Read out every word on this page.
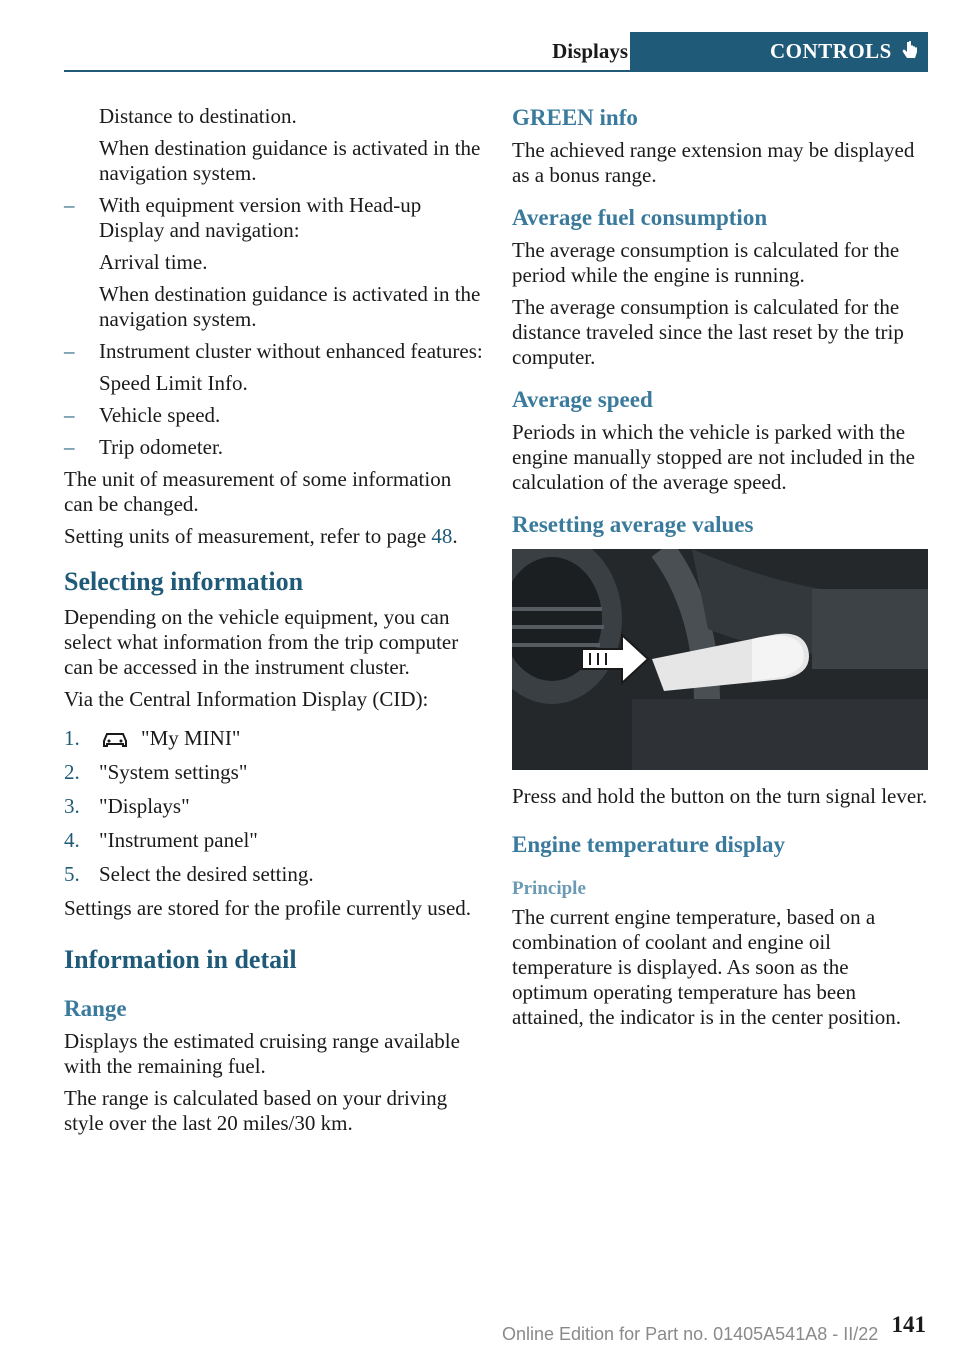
Displays	CONTROLS

Distance to destination.

When destination guidance is activated in the navigation system.

– With equipment version with Head-up Display and navigation:

Arrival time.

When destination guidance is activated in the navigation system.

– Instrument cluster without enhanced features:

Speed Limit Info.

– Vehicle speed.
– Trip odometer.

The unit of measurement of some information can be changed.

Setting units of measurement, refer to page 48.

Selecting information

Depending on the vehicle equipment, you can select what information from the trip computer can be accessed in the instrument cluster.

Via the Central Information Display (CID):

1.	"My MINI"
2. "System settings"
3. "Displays"
4. "Instrument panel"
5. Select the desired setting.

Settings are stored for the profile currently used.

Information in detail
Range

Displays the estimated cruising range available with the remaining fuel.

The range is calculated based on your driving style over the last 20 miles/30 km.

GREEN info

The achieved range extension may be displayed as a bonus range.

Average fuel consumption

The average consumption is calculated for the period while the engine is running.

The average consumption is calculated for the distance traveled since the last reset by the trip computer.

Average speed

Periods in which the vehicle is parked with the engine manually stopped are not included in the calculation of the average speed.

Resetting average values

Press and hold the button on the turn signal lever.

Engine temperature display
Principle

The current engine temperature, based on a combination of coolant and engine oil temperature is displayed. As soon as the optimum operating temperature has been attained, the indicator is in the center position.

Online Edition for Part no. 01405A541A8 - II/22 141
